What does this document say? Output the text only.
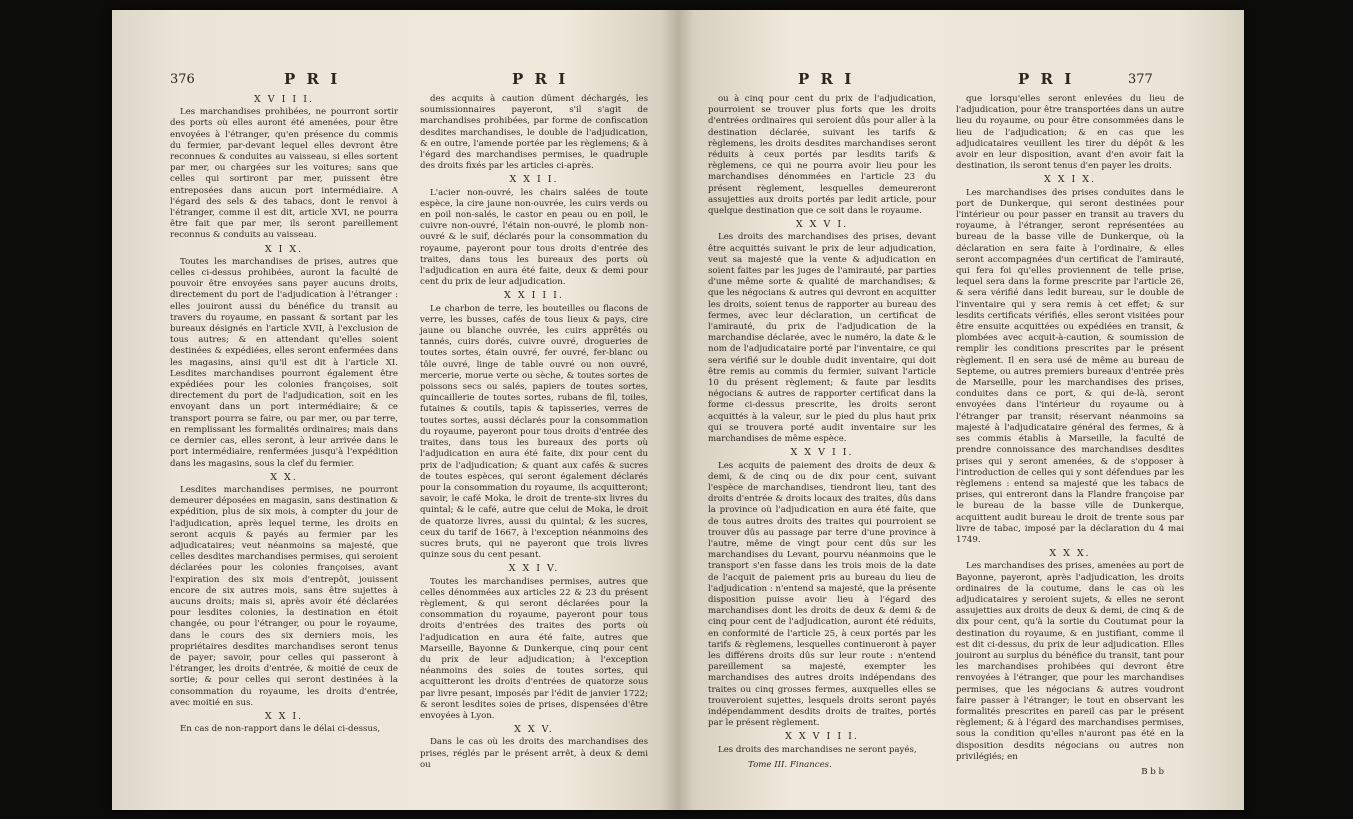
376	P R I	P R I

X V I I I.

Les marchandises prohibées, ne pourront sortir des ports où elles auront été amenées, pour être envoyées à l'étranger, qu'en présence du commis du fermier, par-devant lequel elles devront être reconnues & conduites au vaisseau, si elles sortent par mer, ou chargées sur les voitures; sans que celles qui sortiront par mer, puissent être entreposées dans aucun port intermédiaire. A l'égard des sels & des tabacs, dont le renvoi à l'étranger, comme il est dit, article XVI, ne pourra être fait que par mer, ils seront pareillement reconnus & conduits au vaisseau.

X I X.

Toutes les marchandises de prises, autres que celles ci-dessus prohibées, auront la faculté de pouvoir être envoyées sans payer aucuns droits, directement du port de l'adjudication à l'étranger : elles jouiront aussi du bénéfice du transit au travers du royaume, en passant & sortant par les bureaux désignés en l'article XVII, à l'exclusion de tous autres; & en attendant qu'elles soient destinées & expédiées, elles seront enfermées dans les magasins, ainsi qu'il est dit à l'article XI. Lesdites marchandises pourront également être expédiées pour les colonies françoises, soit directement du port de l'adjudication, soit en les envoyant dans un port intermédiaire; & ce transport pourra se faire, ou par mer, ou par terre, en remplissant les formalités ordinaires; mais dans ce dernier cas, elles seront, à leur arrivée dans le port intermédiaire, renfermées jusqu'à l'expédition dans les magasins, sous la clef du fermier.

X X.

Lesdites marchandises permises, ne pourront demeurer déposées en magasin, sans destination & expédition, plus de six mois, à compter du jour de l'adjudication, après lequel terme, les droits en seront acquis & payés au fermier par les adjudicataires; veut néanmoins sa majesté, que celles desdites marchandises permises, qui seroient déclarées pour les colonies françoises, avant l'expiration des six mois d'entrepôt, jouissent encore de six autres mois, sans être sujettes à aucuns droits; mais si, après avoir été déclarées pour lesdites colonies, la destination en étoit changée, ou pour l'étranger, ou pour le royaume, dans le cours des six derniers mois, les propriétaires desdites marchandises seront tenus de payer; savoir, pour celles qui passeront à l'étranger, les droits d'entrée, & moitié de ceux de sortie; & pour celles qui seront destinées à la consommation du royaume, les droits d'entrée, avec moitié en sus.

X X I.

En cas de non-rapport dans le délai ci-dessus,

des acquits à caution dûment déchargés, les soumissionnaires payeront, s'il s'agit de marchandises prohibées, par forme de confiscation desdites marchandises, le double de l'adjudication, & en outre, l'amende portée par les règlemens; & à l'égard des marchandises permises, le quadruple des droits fixés par les articles ci-après.

X X I I.

L'acier non-ouvré, les chairs salées de toute espèce, la cire jaune non-ouvrée, les cuirs verds ou en poil non-salés, le castor en peau ou en poil, le cuivre non-ouvré, l'étain non-ouvré, le plomb non-ouvré & le suif, déclarés pour la consommation du royaume, payeront pour tous droits d'entrée des traites, dans tous les bureaux des ports où l'adjudication en aura été faite, deux & demi pour cent du prix de leur adjudication.

X X I I I.

Le charbon de terre, les bouteilles ou flacons de verre, les busses, cafés de tous lieux & pays, cire jaune ou blanche ouvrée, les cuirs apprêtés ou tannés, cuirs dorés, cuivre ouvré, drogueries de toutes sortes, étain ouvré, fer ouvré, fer-blanc ou tôle ouvré, linge de table ouvré ou non ouvré, mercerie, morue verte ou sèche, & toutes sortes de poissons secs ou salés, papiers de toutes sortes, quincaillerie de toutes sortes, rubans de fil, toiles, futaines & coutils, tapis & tapisseries, verres de toutes sortes, aussi déclarés pour la consommation du royaume, payeront pour tous droits d'entrée des traites, dans tous les bureaux des ports où l'adjudication en aura été faite, dix pour cent du prix de l'adjudication; & quant aux cafés & sucres de toutes espèces, qui seront également déclarés pour la consommation du royaume, ils acquitteront; savoir, le café Moka, le droit de trente-six livres du quintal; & le café, autre que celui de Moka, le droit de quatorze livres, aussi du quintal; & les sucres, ceux du tarif de 1667, à l'exception néanmoins des sucres bruts, qui ne payeront que trois livres quinze sous du cent pesant.

X X I V.

Toutes les marchandises permises, autres que celles dénommées aux articles 22 & 23 du présent règlement, & qui seront déclarées pour la consommation du royaume, payeront pour tous droits d'entrées des traites des ports où l'adjudication en aura été faite, autres que Marseille, Bayonne & Dunkerque, cinq pour cent du prix de leur adjudication; à l'exception néanmoins des soies de toutes sortes, qui acquitteront les droits d'entrées de quatorze sous par livre pesant, imposés par l'édit de janvier 1722; & seront lesdites soies de prises, dispensées d'être envoyées à Lyon.

X X V.

Dans le cas où les droits des marchandises des prises, réglés par le présent arrêt, à deux & demi ou

P R I	P R I	377

ou à cinq pour cent du prix de l'adjudication, pourroient se trouver plus forts que les droits d'entrées ordinaires qui seroient dûs pour aller à la destination déclarée, suivant les tarifs & règlemens, les droits desdites marchandises seront réduits à ceux portés par lesdits tarifs & règlemens, ce qui ne pourra avoir lieu pour les marchandises dénommées en l'article 23 du présent règlement, lesquelles demeureront assujetties aux droits portés par ledit article, pour quelque destination que ce soit dans le royaume.

X X V I.

Les droits des marchandises des prises, devant être acquittés suivant le prix de leur adjudication, veut sa majesté que la vente & adjudication en soient faites par les juges de l'amirauté, par parties d'une même sorte & qualité de marchandises; & que les négocians & autres qui devront en acquitter les droits, soient tenus de rapporter au bureau des fermes, avec leur déclaration, un certificat de l'amirauté, du prix de l'adjudication de la marchandise déclarée, avec le numéro, la date & le nom de l'adjudicataire porté par l'inventaire, ce qui sera vérifié sur le double dudit inventaire, qui doit être remis au commis du fermier, suivant l'article 10 du présent règlement; & faute par lesdits négocians & autres de rapporter certificat dans la forme ci-dessus prescrite, les droits seront acquittés à la valeur, sur le pied du plus haut prix qui se trouvera porté audit inventaire sur les marchandises de même espèce.

X X V I I.

Les acquits de paiement des droits de deux & demi, & de cinq ou de dix pour cent, suivant l'espèce de marchandises, tiendront lieu, tant des droits d'entrée & droits locaux des traites, dûs dans la province où l'adjudication en aura été faite, que de tous autres droits des traites qui pourroient se trouver dûs au passage par terre d'une province à l'autre, même de vingt pour cent dûs sur les marchandises du Levant, pourvu néanmoins que le transport s'en fasse dans les trois mois de la date de l'acquit de paiement pris au bureau du lieu de l'adjudication : n'entend sa majesté, que la présente disposition puisse avoir lieu à l'égard des marchandises dont les droits de deux & demi & de cinq pour cent de l'adjudication, auront été réduits, en conformité de l'article 25, à ceux portés par les tarifs & règlemens, lesquelles continueront à payer les différens droits dûs sur leur route : n'entend pareillement sa majesté, exempter les marchandises des autres droits indépendans des traites ou cinq grosses fermes, auxquelles elles se trouveroient sujettes, lesquels droits seront payés indépendamment desdits droits de traites, portés par le présent règlement.

X X V I I I.

Les droits des marchandises ne seront payés,

Tome III. Finances.

que lorsqu'elles seront enlevées du lieu de l'adjudication, pour être transportées dans un autre lieu du royaume, ou pour être consommées dans le lieu de l'adjudication; & en cas que les adjudicataires veuillent les tirer du dépôt & les avoir en leur disposition, avant d'en avoir fait la destination, ils seront tenus d'en payer les droits.

X X I X.

Les marchandises des prises conduites dans le port de Dunkerque, qui seront destinées pour l'intérieur ou pour passer en transit au travers du royaume, à l'étranger, seront représentées au bureau de la basse ville de Dunkerque, où la déclaration en sera faite à l'ordinaire, & elles seront accompagnées d'un certificat de l'amirauté, qui fera foi qu'elles proviennent de telle prise, lequel sera dans la forme prescrite par l'article 26, & sera vérifié dans ledit bureau, sur le double de l'inventaire qui y sera remis à cet effet; & sur lesdits certificats vérifiés, elles seront visitées pour être ensuite acquittées ou expédiées en transit, & plombées avec acquit-à-caution, & soumission de remplir les conditions prescrites par le présent règlement. Il en sera usé de même au bureau de Septeme, ou autres premiers bureaux d'entrée près de Marseille, pour les marchandises des prises, conduites dans ce port, & qui de-là, seront envoyées dans l'intérieur du royaume ou à l'étranger par transit; réservant néanmoins sa majesté à l'adjudicataire général des fermes, & à ses commis établis à Marseille, la faculté de prendre connoissance des marchandises desdites prises qui y seront amenées, & de s'opposer à l'introduction de celles qui y sont défendues par les règlemens : entend sa majesté que les tabacs de prises, qui entreront dans la Flandre françoise par le bureau de la basse ville de Dunkerque, acquittent audit bureau le droit de trente sous par livre de tabac, imposé par la déclaration du 4 mai 1749.

X X X.

Les marchandises des prises, amenées au port de Bayonne, payeront, après l'adjudication, les droits ordinaires de la coutume, dans le cas où les adjudicataires y seroient sujets, & elles ne seront assujetties aux droits de deux & demi, de cinq & de dix pour cent, qu'à la sortie du Coutumat pour la destination du royaume, & en justifiant, comme il est dit ci-dessus, du prix de leur adjudication. Elles jouiront au surplus du bénéfice du transit, tant pour les marchandises prohibées qui devront être renvoyées à l'étranger, que pour les marchandises permises, que les négocians & autres voudront faire passer à l'étranger; le tout en observant les formalités prescrites en pareil cas par le présent règlement; & à l'égard des marchandises permises, sous la condition qu'elles n'auront pas été en la disposition desdits négocians ou autres non privilégiés; en

B b b
